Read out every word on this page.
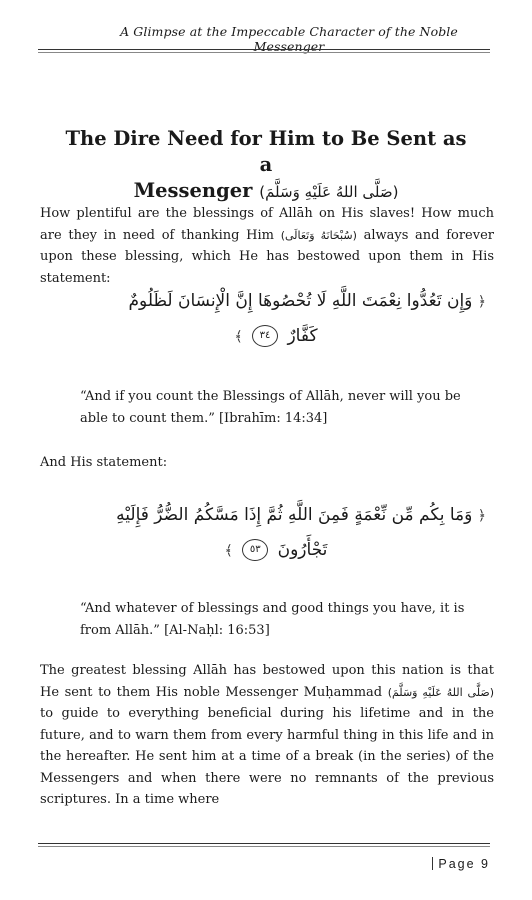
A Glimpse at the Impeccable Character of the Noble Messenger
The Dire Need for Him to Be Sent as a
Messenger (صَلَّى اللهُ عَلَيْهِ وَسَلَّمَ)

How plentiful are the blessings of Allāh on His slaves! How much are they in need of thanking Him (سُبْحَانَهُ وَتَعَالَى) always and forever upon these blessing, which He has bestowed upon them in His statement:

﴿ وَإِن تَعُدُّوا نِعْمَتَ اللَّهِ لَا تُحْصُوهَا إِنَّ الْإِنسَانَ لَظَلُومٌ
كَفَّارٌ ٣٤ ﴾

“And if you count the Blessings of Allāh, never will you be able to count them.” [Ibrahīm: 14:34]

And His statement:

﴿ وَمَا بِكُم مِّن نِّعْمَةٍ فَمِنَ اللَّهِ ثُمَّ إِذَا مَسَّكُمُ الضُّرُّ فَإِلَيْهِ
تَجْأَرُونَ ٥٣ ﴾

“And whatever of blessings and good things you have, it is from Allāh.” [Al-Naḥl: 16:53]

The greatest blessing Allāh has bestowed upon this nation is that He sent to them His noble Messenger Muḥammad (صَلَّى اللهُ عَلَيْهِ وَسَلَّمَ) to guide to everything beneficial during his lifetime and in the future, and to warn them from every harmful thing in this life and in the hereafter. He sent him at a time of a break (in the series) of the Messengers and when there were no remnants of the previous scriptures. In a time where

Page 9
